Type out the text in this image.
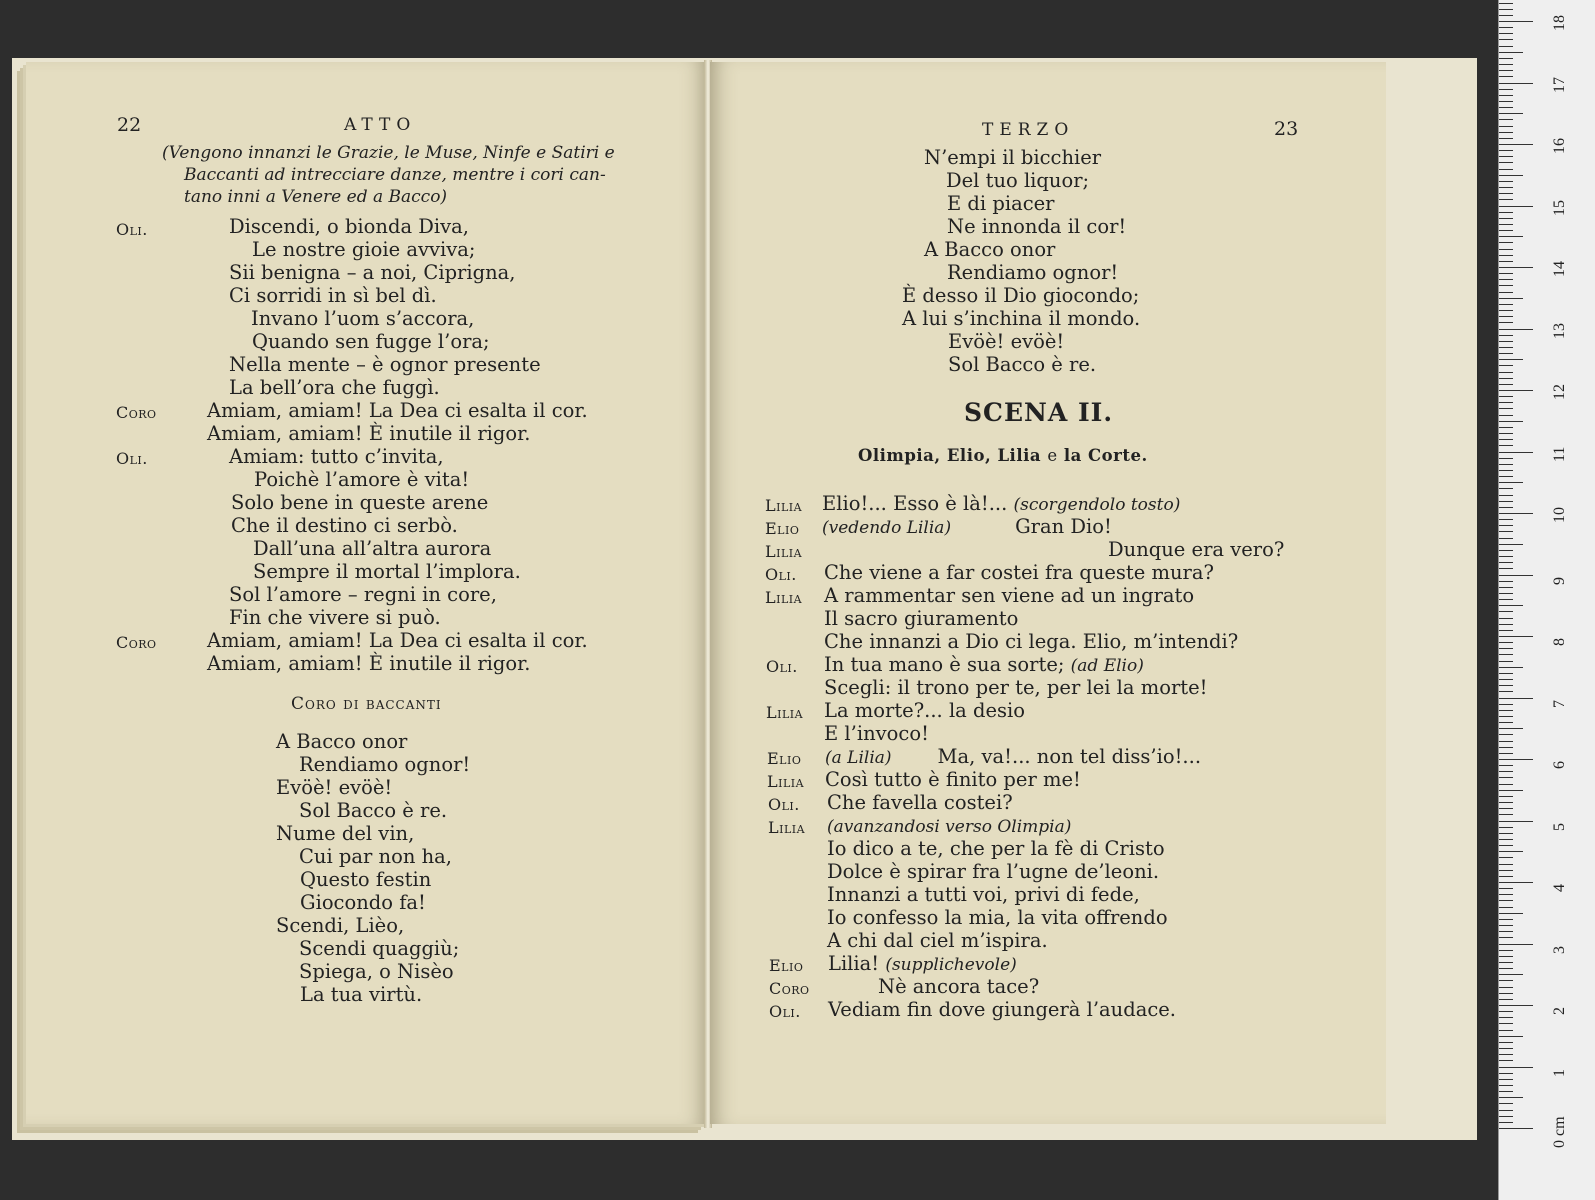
22	ATTO
(Vengono innanzi le Grazie, le Muse, Ninfe e Satiri e
Baccanti ad intrecciare danze, mentre i cori can-
tano inni a Venere ed a Bacco)
Oli.	Discendi, o bionda Diva,
Le nostre gioie avviva;
Sii benigna – a noi, Ciprigna,
Ci sorridi in sì bel dì.
Invano l’uom s’accora,
Quando sen fugge l’ora;
Nella mente – è ognor presente
La bell’ora che fuggì.
Coro	Amiam, amiam! La Dea ci esalta il cor.
Amiam, amiam! È inutile il rigor.
Oli.	Amiam: tutto c’invita,
Poichè l’amore è vita!
Solo bene in queste arene
Che il destino ci serbò.
Dall’una all’altra aurora
Sempre il mortal l’implora.
Sol l’amore – regni in core,
Fin che vivere si può.
Coro	Amiam, amiam! La Dea ci esalta il cor.
Amiam, amiam! È inutile il rigor.
Coro di baccanti
A Bacco onor
Rendiamo ognor!
Evöè! evöè!
Sol Bacco è re.
Nume del vin,
Cui par non ha,
Questo festin
Giocondo fa!
Scendi, Lièo,
Scendi quaggiù;
Spiega, o Nisèo
La tua virtù.
TERZO	23
N’empi il bicchier
Del tuo liquor;
E di piacer
Ne innonda il cor!
A Bacco onor
Rendiamo ognor!
È desso il Dio giocondo;
A lui s’inchina il mondo.
Evöè! evöè!
Sol Bacco è re.
SCENA II.
Olimpia, Elio, Lilia e la Corte.
Lilia Elio!... Esso è là!... (scorgendolo tosto)
Elio (vedendo Lilia)	Gran Dio!
Lilia	Dunque era vero?
Oli. Che viene a far costei fra queste mura?
Lilia A rammentar sen viene ad un ingrato
Il sacro giuramento
Che innanzi a Dio ci lega. Elio, m’intendi?
Oli. In tua mano è sua sorte; (ad Elio)
Scegli: il trono per te, per lei la morte!
Lilia La morte?... la desio
E l’invoco!
Elio (a Lilia) Ma, va!... non tel diss’io!...
Lilia Così tutto è finito per me!
Oli. Che favella costei?
Lilia (avanzandosi verso Olimpia)
Io dico a te, che per la fè di Cristo
Dolce è spirar fra l’ugne de’leoni.
Innanzi a tutti voi, privi di fede,
Io confesso la mia, la vita offrendo
A chi dal ciel m’ispira.
Elio Lilia! (supplichevole)
Coro	Nè ancora tace?
Oli. Vediam fin dove giungerà l’audace.
0 cm
1
2
3
4
5
6
7
8
9
10
11
12
13
14
15
16
17
18
